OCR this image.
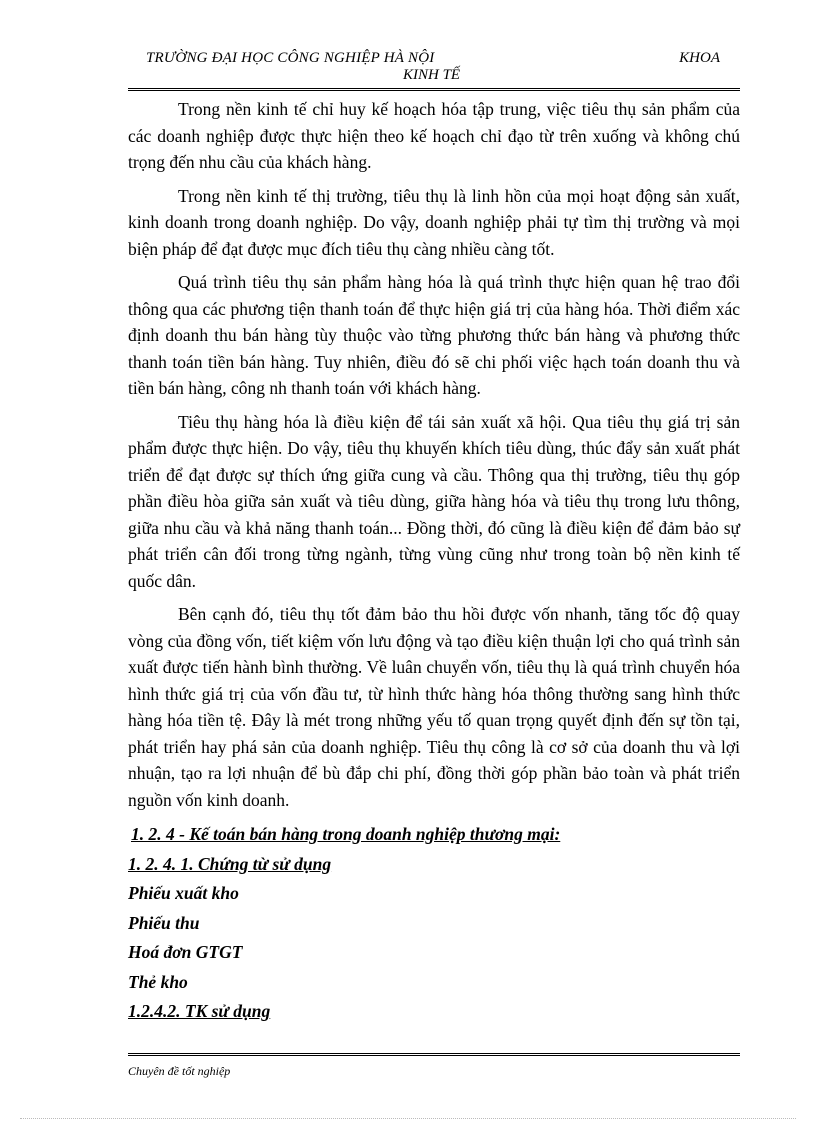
TRƯỜNG ĐẠI HỌC CÔNG NGHIỆP HÀ NỘI	KHOA
KINH TẾ

Trong nền kinh tế chỉ huy kế hoạch hóa tập trung, việc tiêu thụ sản phẩm của các doanh nghiệp được thực hiện theo kế hoạch chỉ đạo từ trên xuống và không chú trọng đến nhu cầu của khách hàng.

Trong nền kinh tế thị trường, tiêu thụ là linh hồn của mọi hoạt động sản xuất, kinh doanh trong doanh nghiệp. Do vậy, doanh nghiệp phải tự tìm thị trường và mọi biện pháp để đạt được mục đích tiêu thụ càng nhiều càng tốt.

Quá trình tiêu thụ sản phẩm hàng hóa là quá trình thực hiện quan hệ trao đổi thông qua các phương tiện thanh toán để thực hiện giá trị của hàng hóa. Thời điểm xác định doanh thu bán hàng tùy thuộc vào từng phương thức bán hàng và phương thức thanh toán tiền bán hàng. Tuy nhiên, điều đó sẽ chi phối việc hạch toán doanh thu và tiền bán hàng, công nh thanh toán với khách hàng.

Tiêu thụ hàng hóa là điều kiện để tái sản xuất xã hội. Qua tiêu thụ giá trị sản phẩm được thực hiện. Do vậy, tiêu thụ khuyến khích tiêu dùng, thúc đẩy sản xuất phát triển để đạt được sự thích ứng giữa cung và cầu. Thông qua thị trường, tiêu thụ góp phần điều hòa giữa sản xuất và tiêu dùng, giữa hàng hóa và tiêu thụ trong lưu thông, giữa nhu cầu và khả năng thanh toán... Đồng thời, đó cũng là điều kiện để đảm bảo sự phát triển cân đối trong từng ngành, từng vùng cũng như trong toàn bộ nền kinh tế quốc dân.

Bên cạnh đó, tiêu thụ tốt đảm bảo thu hồi được vốn nhanh, tăng tốc độ quay vòng của đồng vốn, tiết kiệm vốn lưu động và tạo điều kiện thuận lợi cho quá trình sản xuất được tiến hành bình thường. Về luân chuyển vốn, tiêu thụ là quá trình chuyển hóa hình thức giá trị của vốn đầu tư, từ hình thức hàng hóa thông thường sang hình thức hàng hóa tiền tệ. Đây là mét trong những yếu tố quan trọng quyết định đến sự tồn tại, phát triển hay phá sản của doanh nghiệp. Tiêu thụ công là cơ sở của doanh thu và lợi nhuận, tạo ra lợi nhuận để bù đắp chi phí, đồng thời góp phần bảo toàn và phát triển nguồn vốn kinh doanh.

1. 2. 4 - Kế toán bán hàng trong doanh nghiệp thương mại:

1. 2. 4. 1. Chứng từ sử dụng

Phiếu xuất kho

Phiếu thu

Hoá đơn GTGT

Thẻ kho

1.2.4.2. TK sử dụng

Chuyên đề tốt nghiệp
